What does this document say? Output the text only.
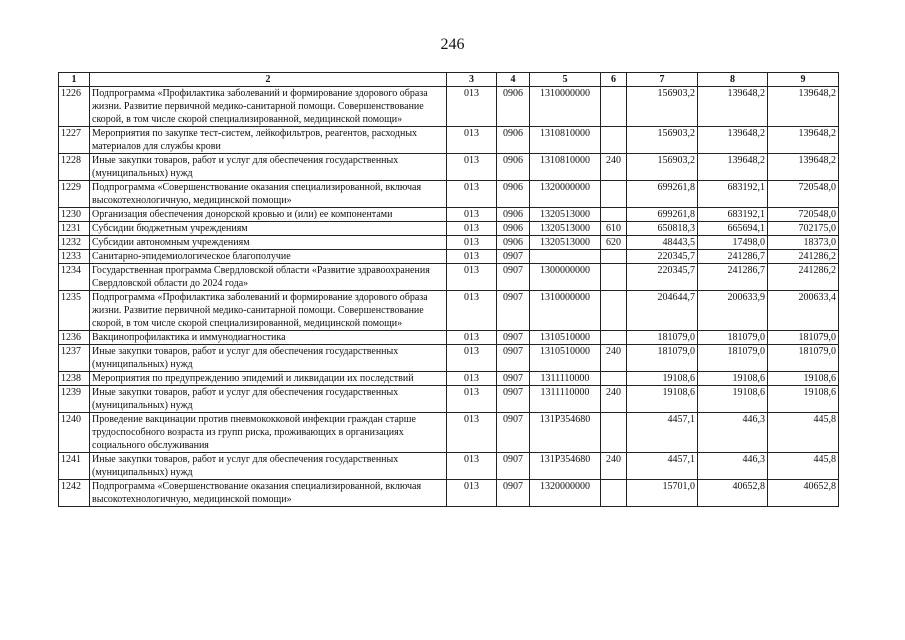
246
1	2	3	4	5	6	7	8	9
1226	Подпрограмма «Профилактика заболеваний и формирование здорового образа жизни. Развитие первичной медико-санитарной помощи. Совершенствование скорой, в том числе скорой специализированной, медицинской помощи»	013	0906	1310000000		156903,2	139648,2	139648,2
1227	Мероприятия по закупке тест-систем, лейкофильтров, реагентов, расходных материалов для службы крови	013	0906	1310810000		156903,2	139648,2	139648,2
1228	Иные закупки товаров, работ и услуг для обеспечения государственных (муниципальных) нужд	013	0906	1310810000	240	156903,2	139648,2	139648,2
1229	Подпрограмма «Совершенствование оказания специализированной, включая высокотехнологичную, медицинской помощи»	013	0906	1320000000		699261,8	683192,1	720548,0
1230	Организация обеспечения донорской кровью и (или) ее компонентами	013	0906	1320513000		699261,8	683192,1	720548,0
1231	Субсидии бюджетным учреждениям	013	0906	1320513000	610	650818,3	665694,1	702175,0
1232	Субсидии автономным учреждениям	013	0906	1320513000	620	48443,5	17498,0	18373,0
1233	Санитарно-эпидемиологическое благополучие	013	0907			220345,7	241286,7	241286,2
1234	Государственная программа Свердловской области «Развитие здравоохранения Свердловской области до 2024 года»	013	0907	1300000000		220345,7	241286,7	241286,2
1235	Подпрограмма «Профилактика заболеваний и формирование здорового образа жизни. Развитие первичной медико-санитарной помощи. Совершенствование скорой, в том числе скорой специализированной, медицинской помощи»	013	0907	1310000000		204644,7	200633,9	200633,4
1236	Вакцинопрофилактика и иммунодиагностика	013	0907	1310510000		181079,0	181079,0	181079,0
1237	Иные закупки товаров, работ и услуг для обеспечения государственных (муниципальных) нужд	013	0907	1310510000	240	181079,0	181079,0	181079,0
1238	Мероприятия по предупреждению эпидемий и ликвидации их последствий	013	0907	1311110000		19108,6	19108,6	19108,6
1239	Иные закупки товаров, работ и услуг для обеспечения государственных (муниципальных) нужд	013	0907	1311110000	240	19108,6	19108,6	19108,6
1240	Проведение вакцинации против пневмококковой инфекции граждан старше трудоспособного возраста из групп риска, проживающих в организациях социального обслуживания	013	0907	131P354680		4457,1	446,3	445,8
1241	Иные закупки товаров, работ и услуг для обеспечения государственных (муниципальных) нужд	013	0907	131P354680	240	4457,1	446,3	445,8
1242	Подпрограмма «Совершенствование оказания специализированной, включая высокотехнологичную, медицинской помощи»	013	0907	1320000000		15701,0	40652,8	40652,8
